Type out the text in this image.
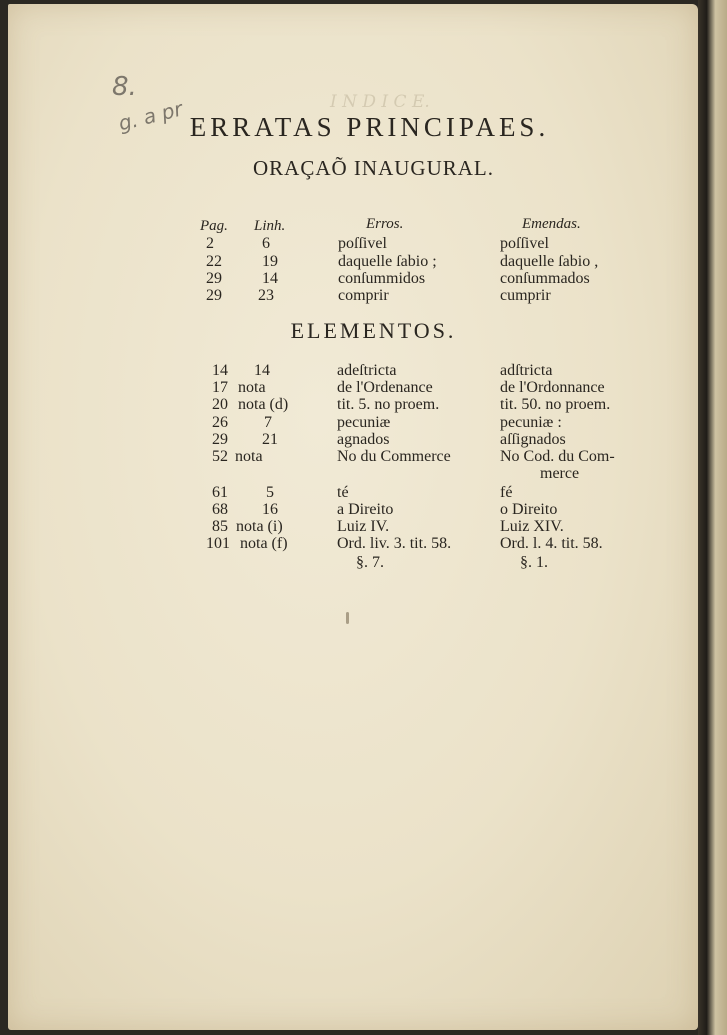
I N D I C E.
8.
g. a pr ERRATAS PRINCIPAES.
ORAÇAÕ INAUGURAL.
Pag. Linh.	Erros.	Emendas.
2	6	poſſivel	poſſivel
22	19	daquelle ſabio ;	daquelle ſabio ,
29	14	conſummidos	conſummados
29	23	comprir	cumprir
ELEMENTOS.
14 14	adeſtricta	adſtricta
17 nota	de l'Ordenance	de l'Ordonnance
20 nota (d)	tit. 5. no proem.	tit. 50. no proem.
26 7	pecuniæ	pecuniæ :
29 21	agnados	aſſignados
52 nota	No du Commerce	No Cod. du Com-
merce
61 5	té	fé
68 16	a Direito	o Direito
85 nota (i)	Luiz IV.	Luiz XIV.
101 nota (f)	Ord. liv. 3. tit. 58.	Ord. l. 4. tit. 58.
§. 7.	§. 1.
